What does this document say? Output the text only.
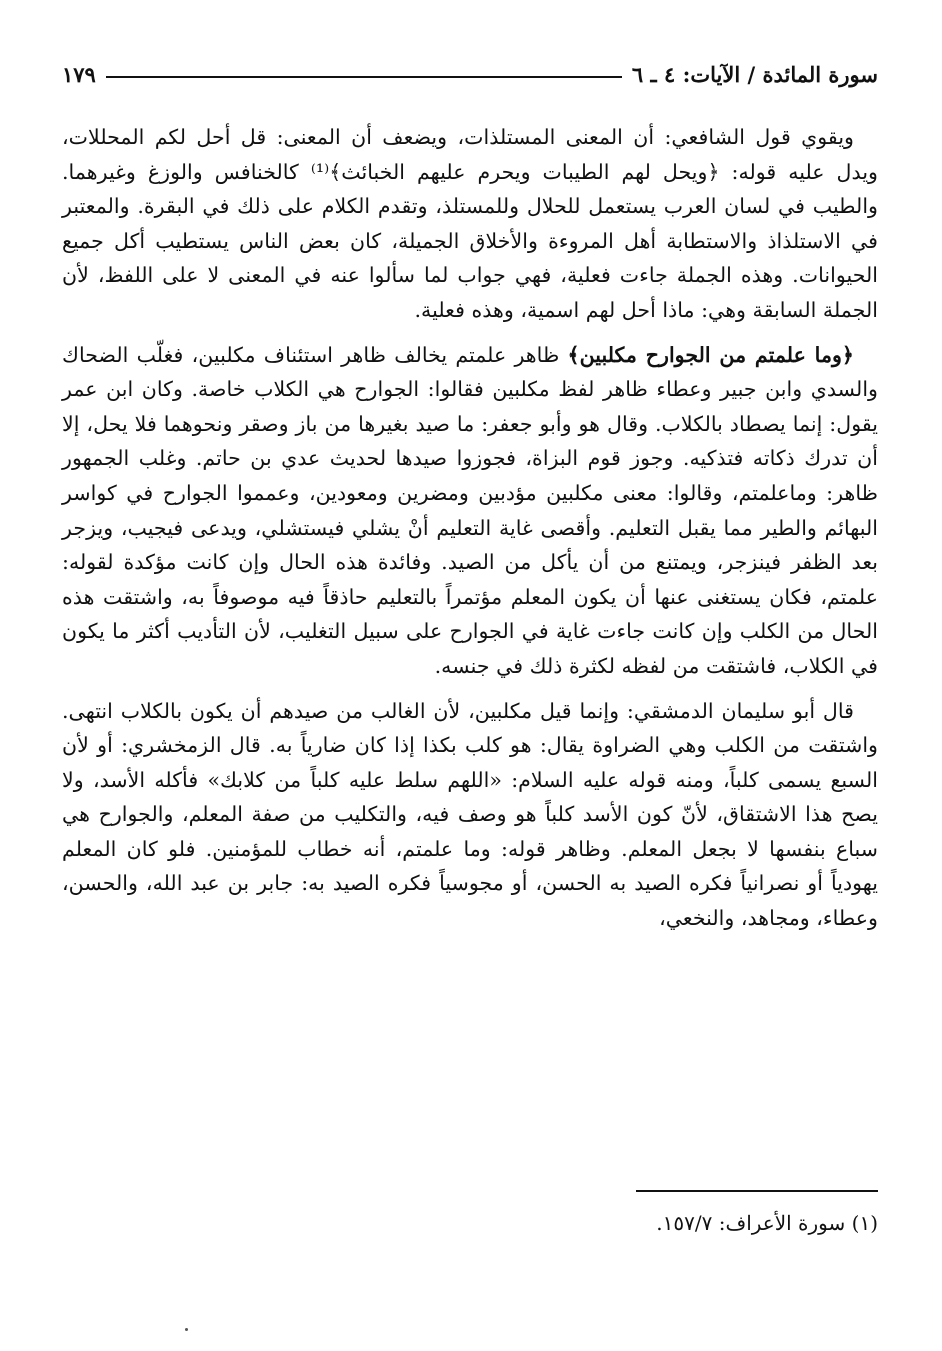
سورة المائدة / الآيات: ٤ ـ ٦
١٧٩

ويقوي قول الشافعي: أن المعنى المستلذات، ويضعف أن المعنى: قل أحل لكم المحللات، ويدل عليه قوله: ﴿ويحل لهم الطيبات ويحرم عليهم الخبائث﴾⁽¹⁾ كالخنافس والوزغ وغيرهما. والطيب في لسان العرب يستعمل للحلال وللمستلذ، وتقدم الكلام على ذلك في البقرة. والمعتبر في الاستلذاذ والاستطابة أهل المروءة والأخلاق الجميلة، كان بعض الناس يستطيب أكل جميع الحيوانات. وهذه الجملة جاءت فعلية، فهي جواب لما سألوا عنه في المعنى لا على اللفظ، لأن الجملة السابقة وهي: ماذا أحل لهم اسمية، وهذه فعلية.

﴿وما علمتم من الجوارح مكلبين﴾ ظاهر علمتم يخالف ظاهر استئناف مكلبين، فغلّب الضحاك والسدي وابن جبير وعطاء ظاهر لفظ مكلبين فقالوا: الجوارح هي الكلاب خاصة. وكان ابن عمر يقول: إنما يصطاد بالكلاب. وقال هو وأبو جعفر: ما صيد بغيرها من باز وصقر ونحوهما فلا يحل، إلا أن تدرك ذكاته فتذكيه. وجوز قوم البزاة، فجوزوا صيدها لحديث عدي بن حاتم. وغلب الجمهور ظاهر: وماعلمتم، وقالوا: معنى مكلبين مؤدبين ومضرين ومعودين، وعمموا الجوارح في كواسر البهائم والطير مما يقبل التعليم. وأقصى غاية التعليم أنْ يشلي فيستشلي، ويدعى فيجيب، ويزجر بعد الظفر فينزجر، ويمتنع من أن يأكل من الصيد. وفائدة هذه الحال وإن كانت مؤكدة لقوله: علمتم، فكان يستغنى عنها أن يكون المعلم مؤتمراً بالتعليم حاذقاً فيه موصوفاً به، واشتقت هذه الحال من الكلب وإن كانت جاءت غاية في الجوارح على سبيل التغليب، لأن التأديب أكثر ما يكون في الكلاب، فاشتقت من لفظه لكثرة ذلك في جنسه.

قال أبو سليمان الدمشقي: وإنما قيل مكلبين، لأن الغالب من صيدهم أن يكون بالكلاب انتهى. واشتقت من الكلب وهي الضراوة يقال: هو كلب بكذا إذا كان ضارياً به. قال الزمخشري: أو لأن السبع يسمى كلباً، ومنه قوله عليه السلام: «اللهم سلط عليه كلباً من كلابك» فأكله الأسد، ولا يصح هذا الاشتقاق، لأنّ كون الأسد كلباً هو وصف فيه، والتكليب من صفة المعلم، والجوارح هي سباع بنفسها لا بجعل المعلم. وظاهر قوله: وما علمتم، أنه خطاب للمؤمنين. فلو كان المعلم يهودياً أو نصرانياً فكره الصيد به الحسن، أو مجوسياً فكره الصيد به: جابر بن عبد الله، والحسن، وعطاء، ومجاهد، والنخعي،

(١) سورة الأعراف: ١٥٧/٧.
